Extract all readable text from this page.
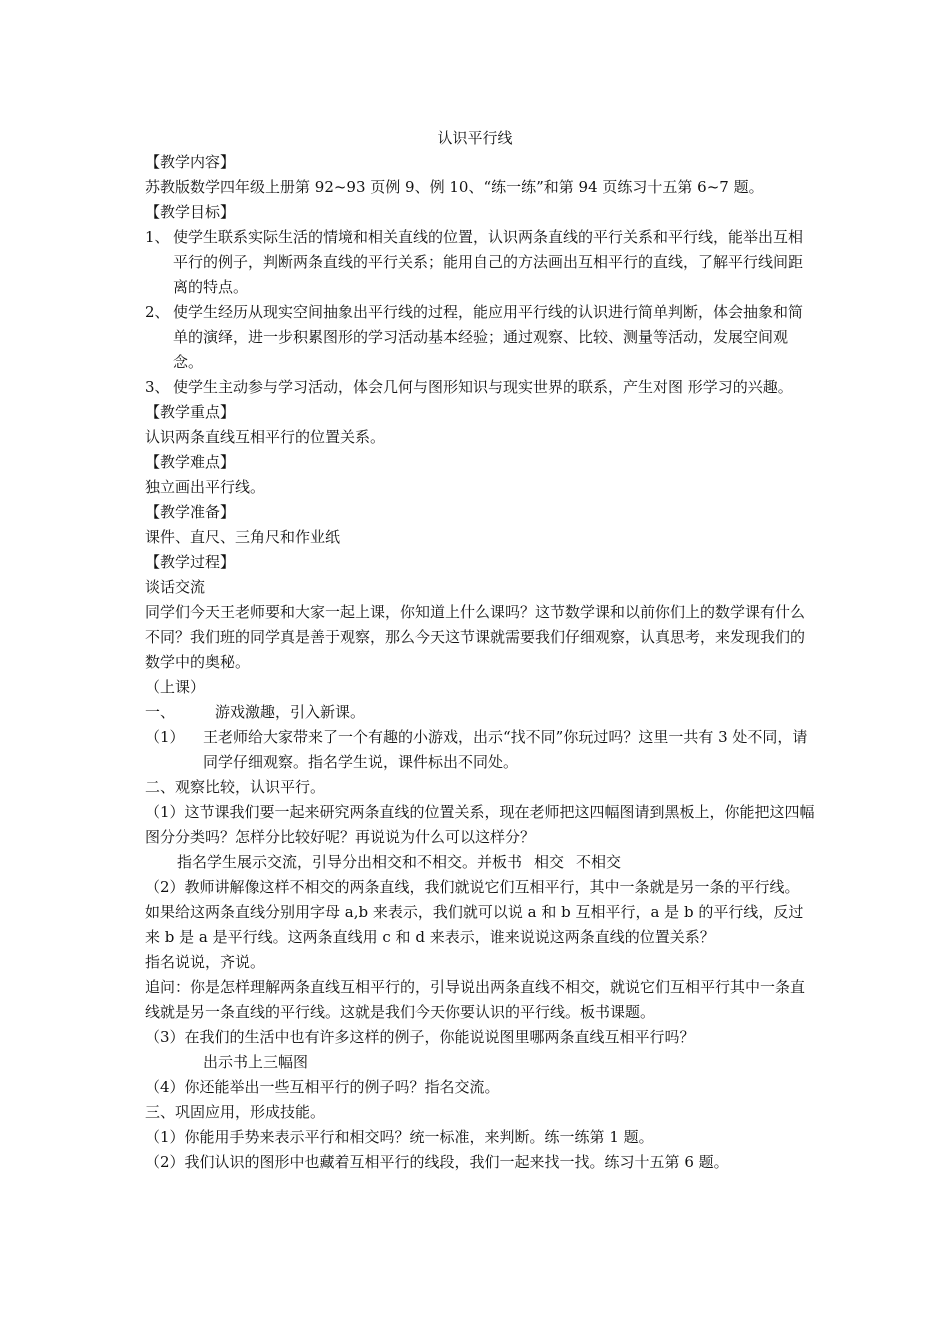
认识平行线
【教学内容】
苏教版数学四年级上册第 92~93 页例 9、例 10、“练一练”和第 94 页练习十五第 6~7 题。
【教学目标】
1、 使学生联系实际生活的情境和相关直线的位置，认识两条直线的平行关系和平行线，能举出互相平行的例子，判断两条直线的平行关系；能用自己的方法画出互相平行的直线，了解平行线间距离的特点。
2、 使学生经历从现实空间抽象出平行线的过程，能应用平行线的认识进行简单判断，体会抽象和简单的演绎，进一步积累图形的学习活动基本经验；通过观察、比较、测量等活动，发展空间观念。
3、 使学生主动参与学习活动，体会几何与图形知识与现实世界的联系，产生对图 形学习的兴趣。
【教学重点】
认识两条直线互相平行的位置关系。
【教学难点】
独立画出平行线。
【教学准备】
课件、直尺、三角尺和作业纸
【教学过程】
谈话交流
同学们今天王老师要和大家一起上课，你知道上什么课吗？这节数学课和以前你们上的数学课有什么不同？我们班的同学真是善于观察，那么今天这节课就需要我们仔细观察，认真思考，来发现我们的数学中的奥秘。
（上课）
一、	游戏激趣，引入新课。
（1）	王老师给大家带来了一个有趣的小游戏，出示“找不同”你玩过吗？这里一共有 3 处不同，请同学仔细观察。指名学生说，课件标出不同处。
二、观察比较，认识平行。
（1）这节课我们要一起来研究两条直线的位置关系，现在老师把这四幅图请到黑板上，你能把这四幅图分分类吗？怎样分比较好呢？再说说为什么可以这样分？
指名学生展示交流，引导分出相交和不相交。并板书 相交 不相交
（2）教师讲解像这样不相交的两条直线，我们就说它们互相平行，其中一条就是另一条的平行线。
如果给这两条直线分别用字母 a,b 来表示，我们就可以说 a 和 b 互相平行，a 是 b 的平行线，反过来 b 是 a 是平行线。这两条直线用 c 和 d 来表示，谁来说说这两条直线的位置关系？
指名说说，齐说。
追问：你是怎样理解两条直线互相平行的，引导说出两条直线不相交，就说它们互相平行其中一条直线就是另一条直线的平行线。这就是我们今天你要认识的平行线。板书课题。
（3）在我们的生活中也有许多这样的例子，你能说说图里哪两条直线互相平行吗？
出示书上三幅图
（4）你还能举出一些互相平行的例子吗？指名交流。
三、巩固应用，形成技能。
（1）你能用手势来表示平行和相交吗？统一标准，来判断。练一练第 1 题。
（2）我们认识的图形中也藏着互相平行的线段，我们一起来找一找。练习十五第 6 题。
